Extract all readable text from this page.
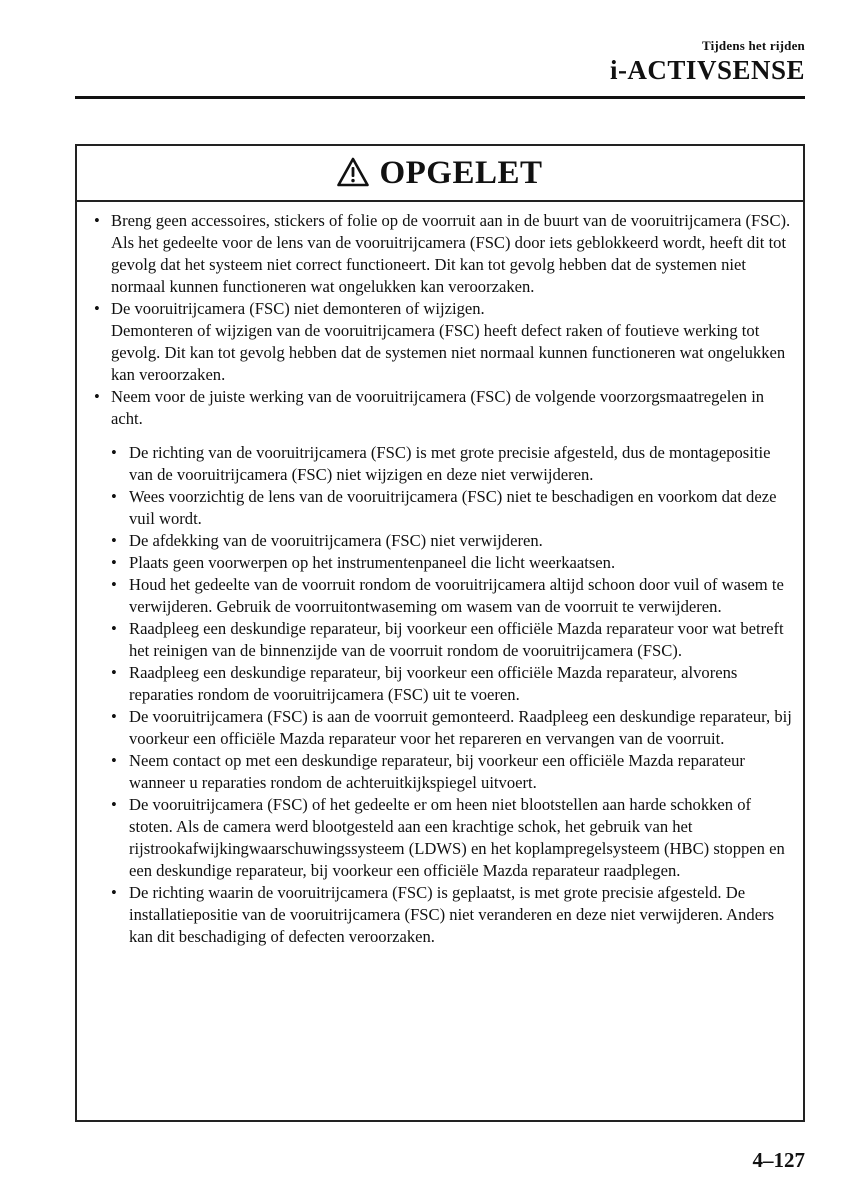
Tijdens het rijden
i-ACTIVSENSE
OPGELET

• Breng geen accessoires, stickers of folie op de voorruit aan in de buurt van de vooruitrijcamera (FSC).

Als het gedeelte voor de lens van de vooruitrijcamera (FSC) door iets geblokkeerd wordt, heeft dit tot gevolg dat het systeem niet correct functioneert. Dit kan tot gevolg hebben dat de systemen niet normaal kunnen functioneren wat ongelukken kan veroorzaken.

• De vooruitrijcamera (FSC) niet demonteren of wijzigen.

Demonteren of wijzigen van de vooruitrijcamera (FSC) heeft defect raken of foutieve werking tot gevolg. Dit kan tot gevolg hebben dat de systemen niet normaal kunnen functioneren wat ongelukken kan veroorzaken.

• Neem voor de juiste werking van de vooruitrijcamera (FSC) de volgende voorzorgsmaatregelen in acht.

• De richting van de vooruitrijcamera (FSC) is met grote precisie afgesteld, dus de montagepositie van de vooruitrijcamera (FSC) niet wijzigen en deze niet verwijderen.
• Wees voorzichtig de lens van de vooruitrijcamera (FSC) niet te beschadigen en voorkom dat deze vuil wordt.
• De afdekking van de vooruitrijcamera (FSC) niet verwijderen.
• Plaats geen voorwerpen op het instrumentenpaneel die licht weerkaatsen.
• Houd het gedeelte van de voorruit rondom de vooruitrijcamera altijd schoon door vuil of wasem te verwijderen. Gebruik de voorruitontwaseming om wasem van de voorruit te verwijderen.
• Raadpleeg een deskundige reparateur, bij voorkeur een officiële Mazda reparateur voor wat betreft het reinigen van de binnenzijde van de voorruit rondom de vooruitrijcamera (FSC).
• Raadpleeg een deskundige reparateur, bij voorkeur een officiële Mazda reparateur, alvorens reparaties rondom de vooruitrijcamera (FSC) uit te voeren.
• De vooruitrijcamera (FSC) is aan de voorruit gemonteerd. Raadpleeg een deskundige reparateur, bij voorkeur een officiële Mazda reparateur voor het repareren en vervangen van de voorruit.
• Neem contact op met een deskundige reparateur, bij voorkeur een officiële Mazda reparateur wanneer u reparaties rondom de achteruitkijkspiegel uitvoert.
• De vooruitrijcamera (FSC) of het gedeelte er om heen niet blootstellen aan harde schokken of stoten. Als de camera werd blootgesteld aan een krachtige schok, het gebruik van het rijstrookafwijkingwaarschuwingssysteem (LDWS) en het koplampregelsysteem (HBC) stoppen en een deskundige reparateur, bij voorkeur een officiële Mazda reparateur raadplegen.
• De richting waarin de vooruitrijcamera (FSC) is geplaatst, is met grote precisie afgesteld. De installatiepositie van de vooruitrijcamera (FSC) niet veranderen en deze niet verwijderen. Anders kan dit beschadiging of defecten veroorzaken.
4–127
